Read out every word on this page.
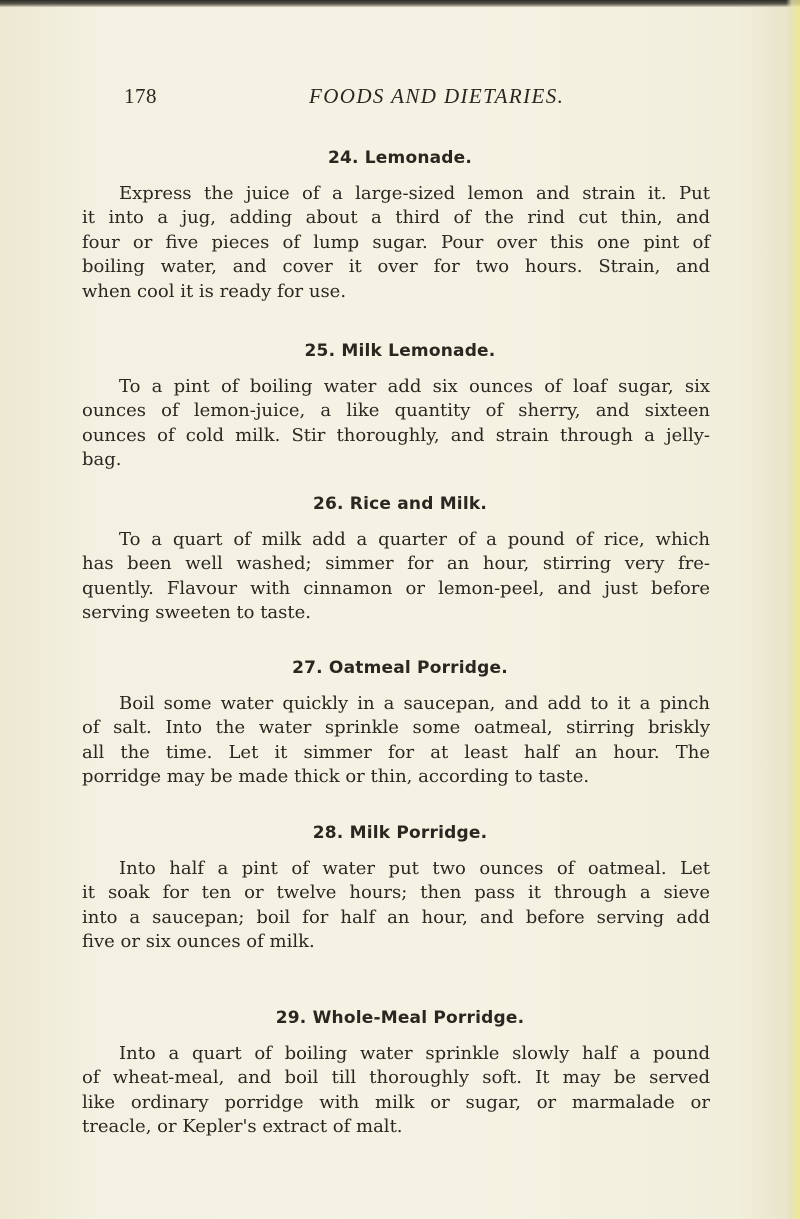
178	FOODS AND DIETARIES.
24. Lemonade.
Express the juice of a large-sized lemon and strain it. Put
it into a jug, adding about a third of the rind cut thin, and
four or five pieces of lump sugar. Pour over this one pint of
boiling water, and cover it over for two hours. Strain, and
when cool it is ready for use.
25. Milk Lemonade.
To a pint of boiling water add six ounces of loaf sugar, six
ounces of lemon-juice, a like quantity of sherry, and sixteen
ounces of cold milk. Stir thoroughly, and strain through a jelly-
bag.
26. Rice and Milk.
To a quart of milk add a quarter of a pound of rice, which
has been well washed; simmer for an hour, stirring very fre-
quently. Flavour with cinnamon or lemon-peel, and just before
serving sweeten to taste.
27. Oatmeal Porridge.
Boil some water quickly in a saucepan, and add to it a pinch
of salt. Into the water sprinkle some oatmeal, stirring briskly
all the time. Let it simmer for at least half an hour. The
porridge may be made thick or thin, according to taste.
28. Milk Porridge.
Into half a pint of water put two ounces of oatmeal. Let
it soak for ten or twelve hours; then pass it through a sieve
into a saucepan; boil for half an hour, and before serving add
five or six ounces of milk.
29. Whole-Meal Porridge.
Into a quart of boiling water sprinkle slowly half a pound
of wheat-meal, and boil till thoroughly soft. It may be served
like ordinary porridge with milk or sugar, or marmalade or
treacle, or Kepler's extract of malt.
